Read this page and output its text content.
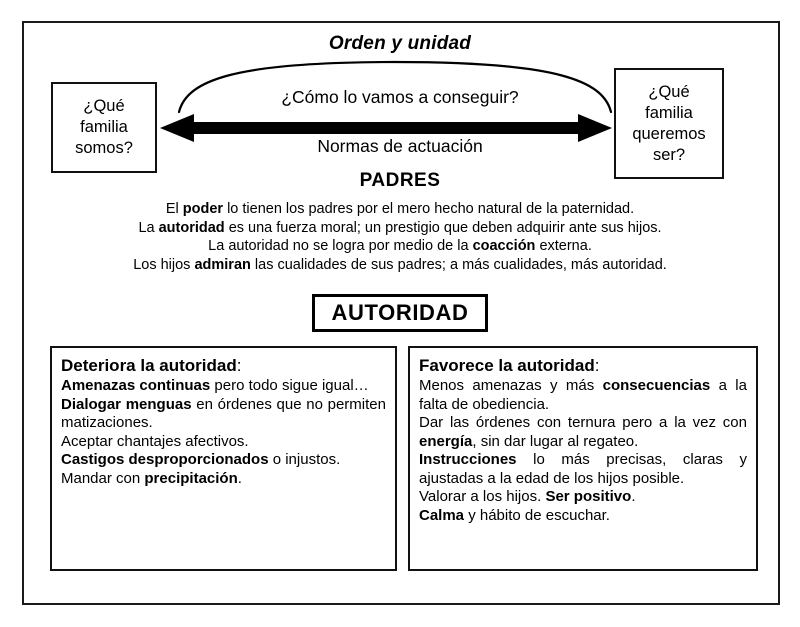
Orden y unidad
¿Qué
familia
somos?
¿Qué
familia
queremos
ser?
¿Cómo lo vamos a conseguir?
Normas de actuación
PADRES
El poder lo tienen los padres por el mero hecho natural de la paternidad.
La autoridad es una fuerza moral; un prestigio que deben adquirir ante sus hijos.
La autoridad no se logra por medio de la coacción externa.
Los hijos admiran las cualidades de sus padres; a más cualidades, más autoridad.
AUTORIDAD
Deteriora la autoridad:

Amenazas continuas pero todo sigue igual…

Dialogar menguas en órdenes que no permiten matizaciones.

Aceptar chantajes afectivos.

Castigos desproporcionados o injustos.

Mandar con precipitación.

Favorece la autoridad:

Menos amenazas y más consecuencias a la falta de obediencia.

Dar las órdenes con ternura pero a la vez con energía, sin dar lugar al regateo.

Instrucciones lo más precisas, claras y ajustadas a la edad de los hijos posible.

Valorar a los hijos. Ser positivo.

Calma y hábito de escuchar.
